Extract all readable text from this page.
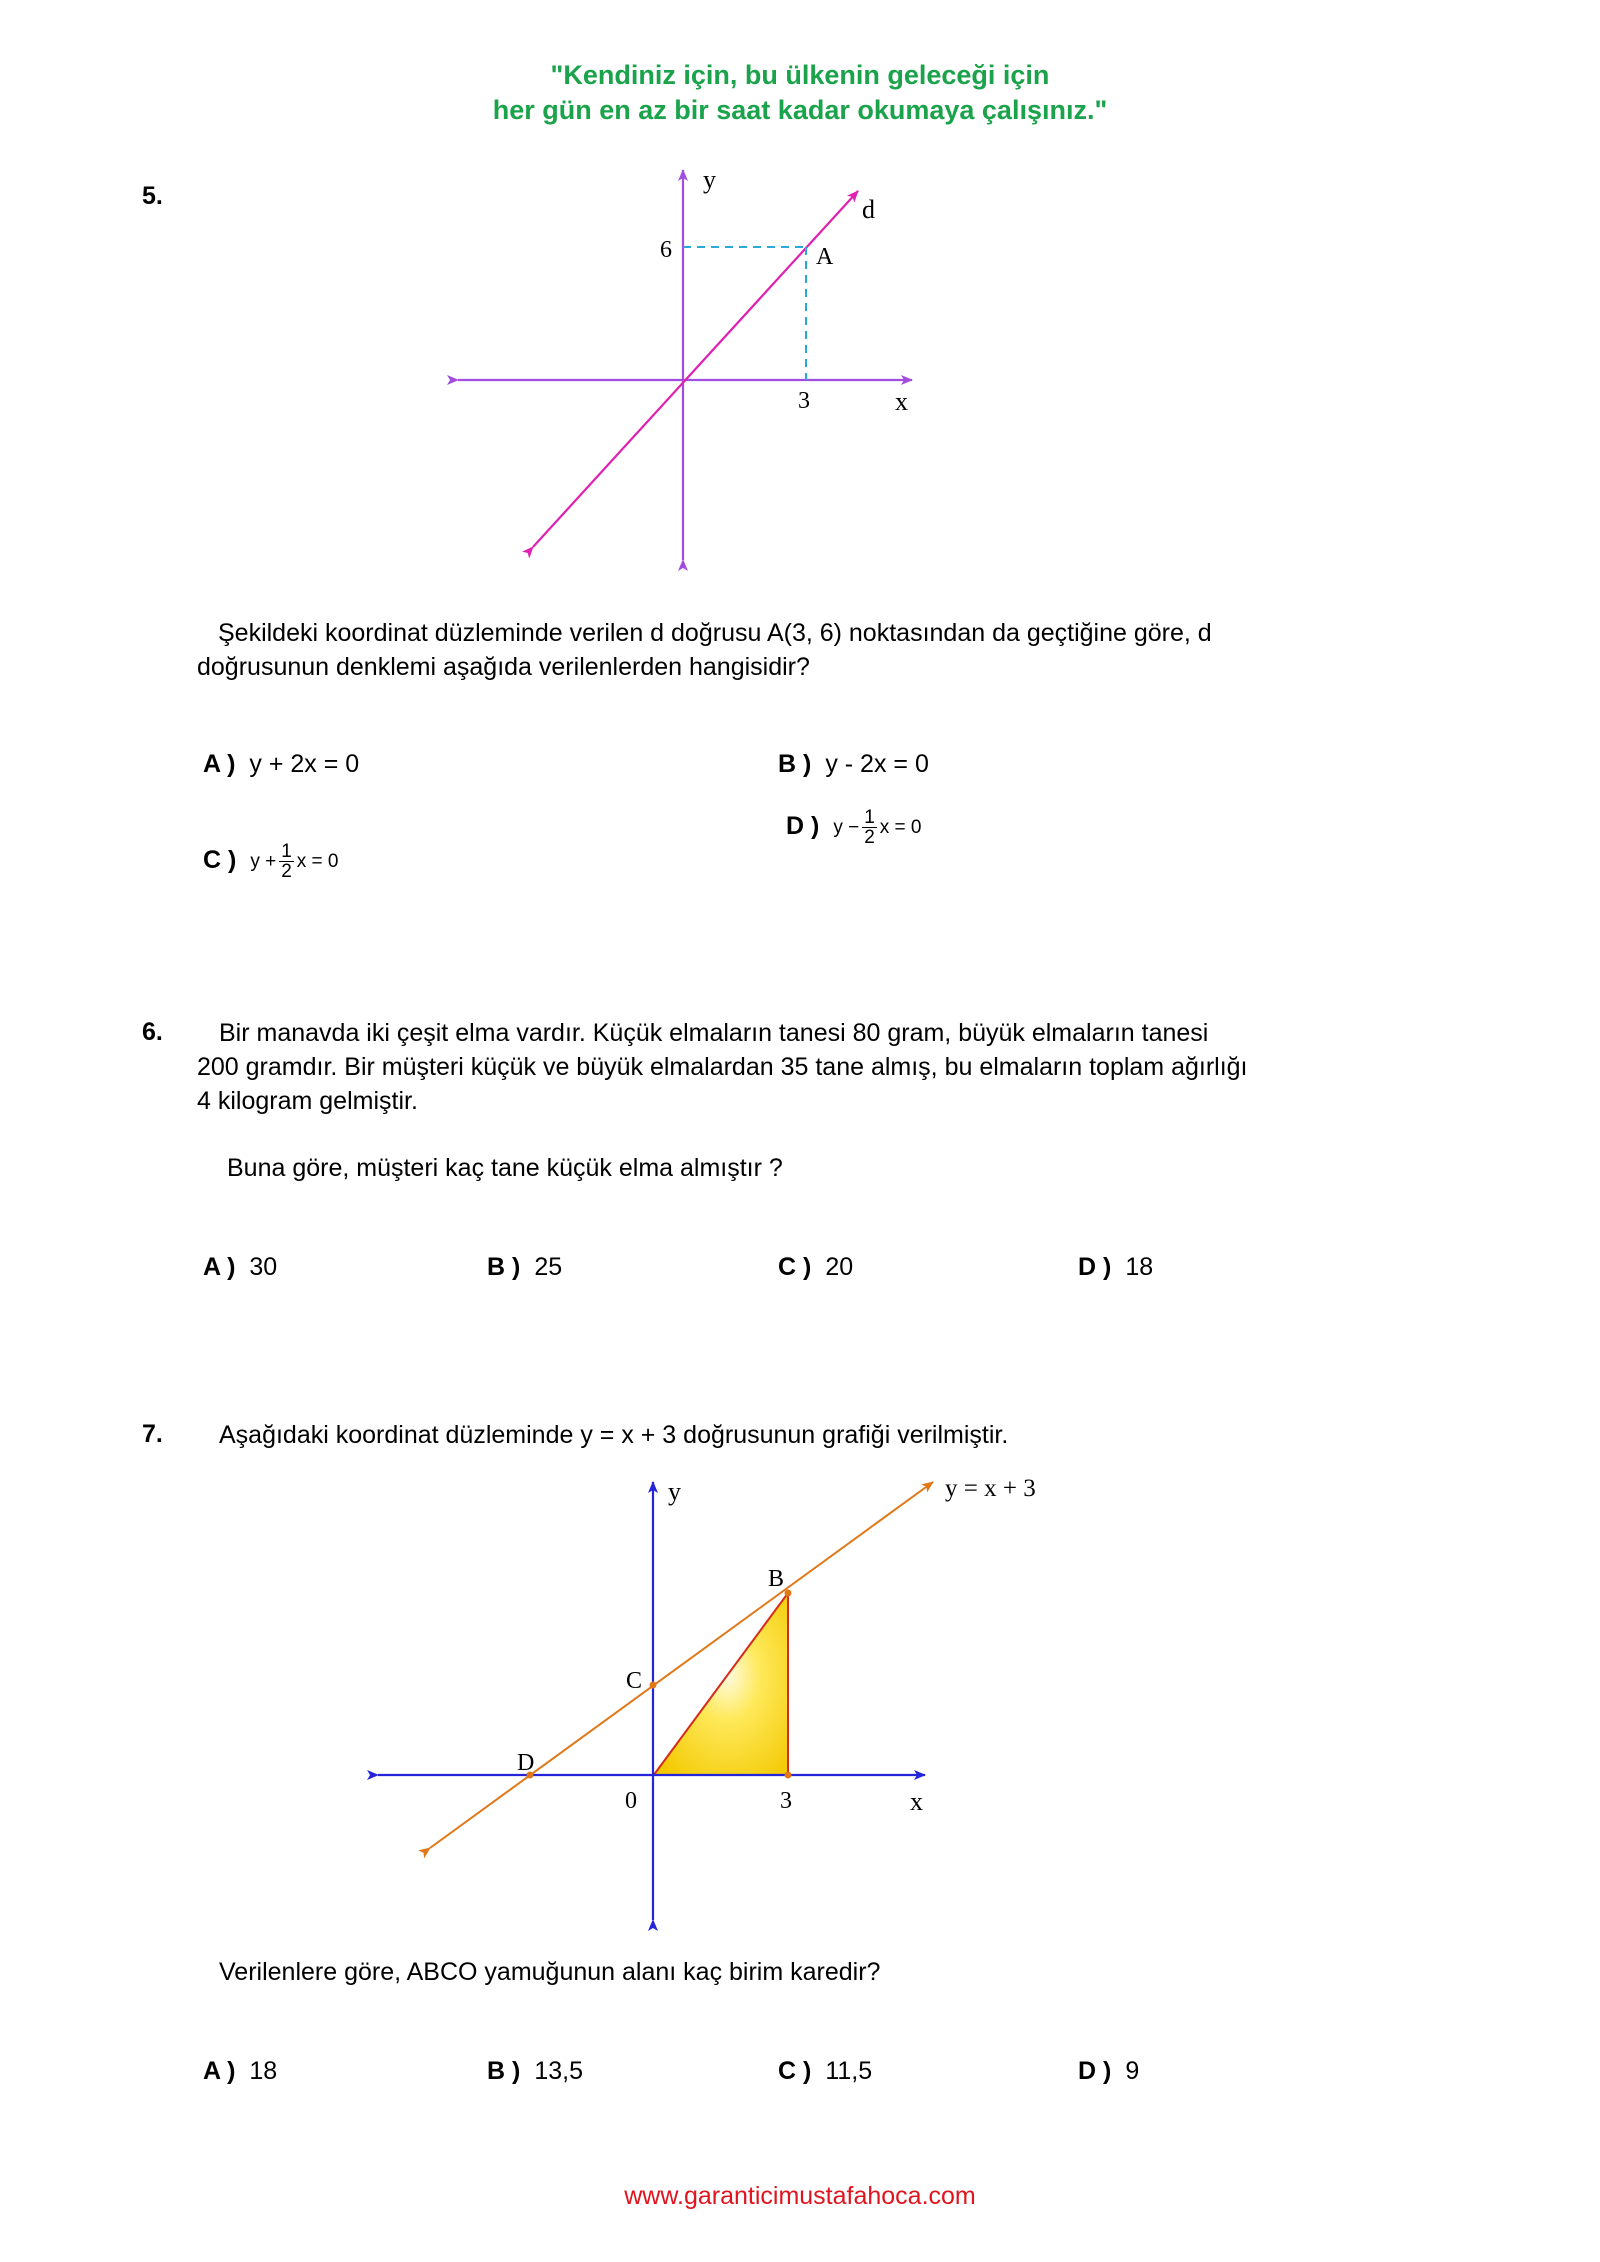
"Kendiniz için, bu ülkenin geleceği için
her gün en az bir saat kadar okumaya çalışınız."
5.
y
d
A
6
3	x
Şekildeki koordinat düzleminde verilen d doğrusu A(3, 6) noktasından da geçtiğine göre, d
doğrusunun denklemi aşağıda verilenlerden hangisidir?
A ) y + 2x = 0	B ) y - 2x = 0
C ) $y + \frac{1}{2}$ x = 0
D ) $y - \frac{1}{2}$ x = 0
6. Bir manavda iki çeşit elma vardır. Küçük elmaların tanesi 80 gram, büyük elmaların tanesi
200 gramdır. Bir müşteri küçük ve büyük elmalardan 35 tane almış, bu elmaların toplam ağırlığı
4 kilogram gelmiştir.
Buna göre, müşteri kaç tane küçük elma almıştır ?
A ) 30	B ) 25	C ) 20	D ) 18
7. Aşağıdaki koordinat düzleminde y = x + 3 doğrusunun grafiği verilmiştir.
y	y = x + 3
B
C
D
0	3	x
Verilenlere göre, ABCO yamuğunun alanı kaç birim karedir?
A ) 18	B ) 13,5	C ) 11,5	D ) 9
www.garanticimustafahoca.com
